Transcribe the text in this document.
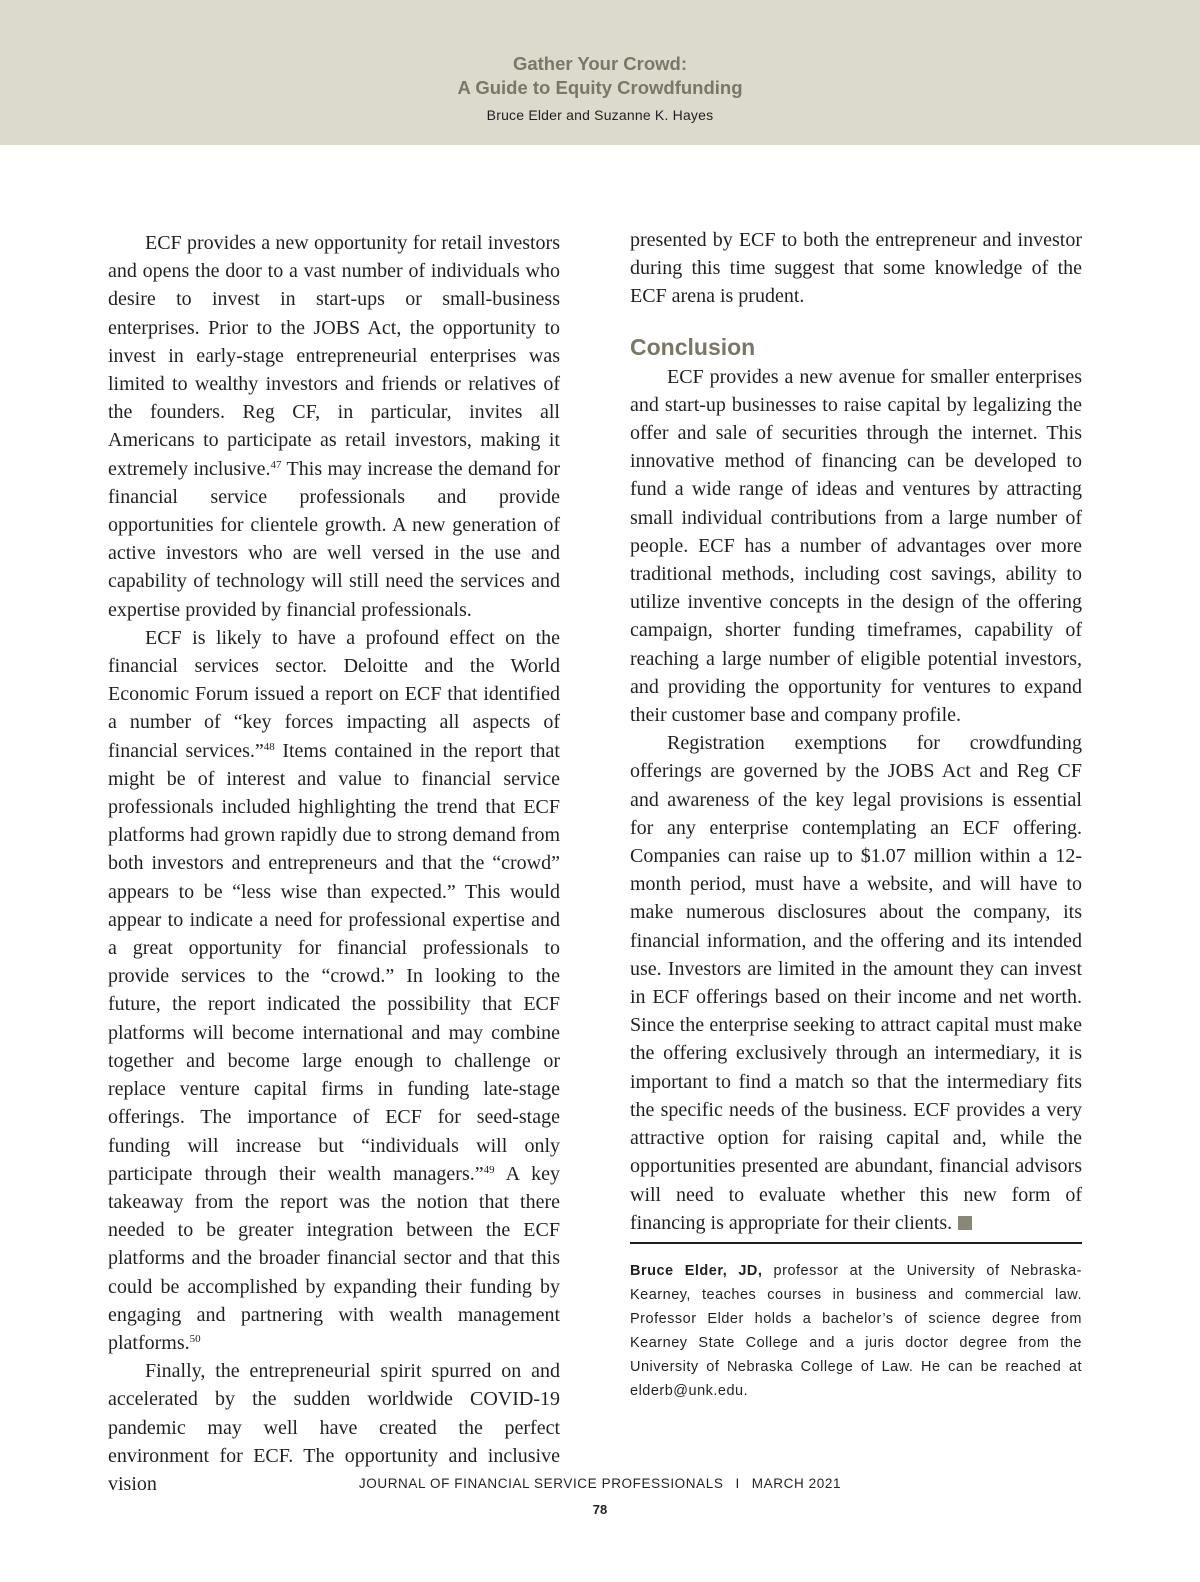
Gather Your Crowd:
A Guide to Equity Crowdfunding
Bruce Elder and Suzanne K. Hayes

ECF provides a new opportunity for retail investors and opens the door to a vast number of individuals who desire to invest in start-ups or small-business enterprises. Prior to the JOBS Act, the opportunity to invest in early-stage entrepreneurial enterprises was limited to wealthy investors and friends or relatives of the founders. Reg CF, in particular, invites all Americans to participate as retail investors, making it extremely inclusive.$^{47}$ This may increase the demand for financial service professionals and provide opportunities for clientele growth. A new generation of active investors who are well versed in the use and capability of technology will still need the services and expertise provided by financial professionals.

ECF is likely to have a profound effect on the financial services sector. Deloitte and the World Economic Forum issued a report on ECF that identified a number of “key forces impacting all aspects of financial services.”$^{48}$ Items contained in the report that might be of interest and value to financial service professionals included highlighting the trend that ECF platforms had grown rapidly due to strong demand from both investors and entrepreneurs and that the “crowd” appears to be “less wise than expected.” This would appear to indicate a need for professional expertise and a great opportunity for financial professionals to provide services to the “crowd.” In looking to the future, the report indicated the possibility that ECF platforms will become international and may combine together and become large enough to challenge or replace venture capital firms in funding late-stage offerings. The importance of ECF for seed-stage funding will increase but “individuals will only participate through their wealth managers.”$^{49}$ A key takeaway from the report was the notion that there needed to be greater integration between the ECF platforms and the broader financial sector and that this could be accomplished by expanding their funding by engaging and partnering with wealth management platforms.$^{50}$

Finally, the entrepreneurial spirit spurred on and accelerated by the sudden worldwide COVID-19 pandemic may well have created the perfect environment for ECF. The opportunity and inclusive vision

presented by ECF to both the entrepreneur and investor during this time suggest that some knowledge of the ECF arena is prudent.

Conclusion

ECF provides a new avenue for smaller enterprises and start-up businesses to raise capital by legalizing the offer and sale of securities through the internet. This innovative method of financing can be developed to fund a wide range of ideas and ventures by attracting small individual contributions from a large number of people. ECF has a number of advantages over more traditional methods, including cost savings, ability to utilize inventive concepts in the design of the offering campaign, shorter funding timeframes, capability of reaching a large number of eligible potential investors, and providing the opportunity for ventures to expand their customer base and company profile.

Registration exemptions for crowdfunding offerings are governed by the JOBS Act and Reg CF and awareness of the key legal provisions is essential for any enterprise contemplating an ECF offering. Companies can raise up to $1.07 million within a 12-month period, must have a website, and will have to make numerous disclosures about the company, its financial information, and the offering and its intended use. Investors are limited in the amount they can invest in ECF offerings based on their income and net worth. Since the enterprise seeking to attract capital must make the offering exclusively through an intermediary, it is important to find a match so that the intermediary fits the specific needs of the business. ECF provides a very attractive option for raising capital and, while the opportunities presented are abundant, financial advisors will need to evaluate whether this new form of financing is appropriate for their clients.

Bruce Elder, JD, professor at the University of Nebraska-Kearney, teaches courses in business and commercial law. Professor Elder holds a bachelor’s of science degree from Kearney State College and a juris doctor degree from the University of Nebraska College of Law. He can be reached at elderb@unk.edu.
JOURNAL OF FINANCIAL SERVICE PROFESSIONALS I MARCH 2021
78
